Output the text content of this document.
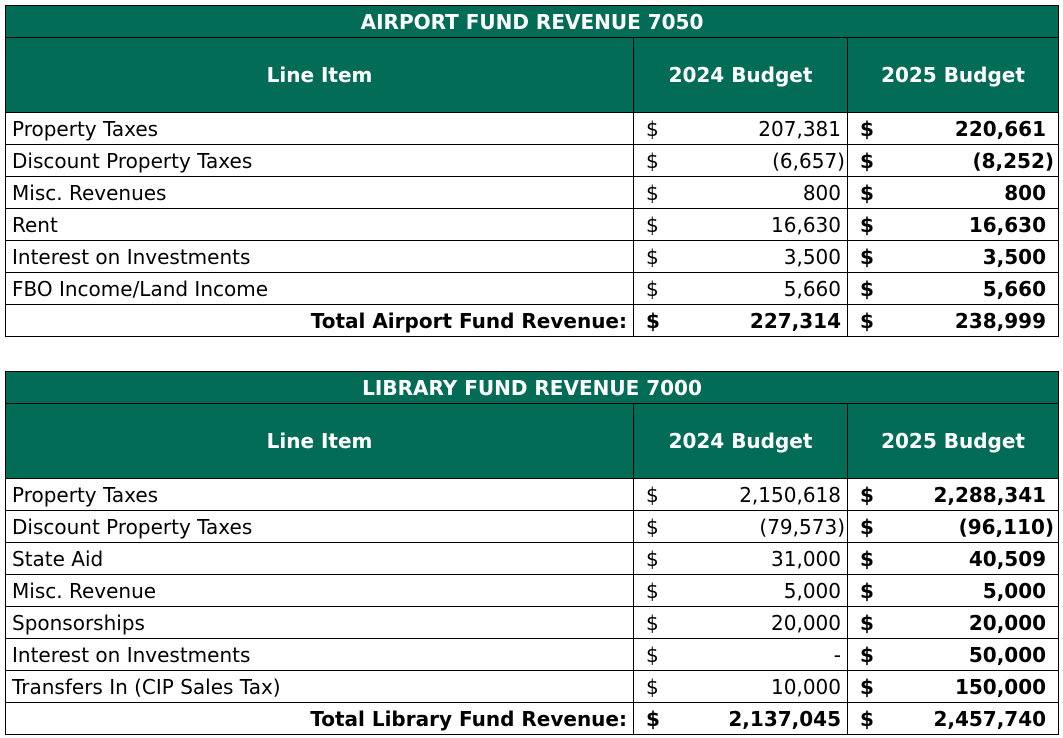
AIRPORT FUND REVENUE 7050				
Line Item	2024 Budget		2025 Budget	
Property Taxes	$	207,381	$	220,661
Discount Property Taxes	$	(6,657)	$	(8,252)
Misc. Revenues	$	800	$	800
Rent	$	16,630	$	16,630
Interest on Investments	$	3,500	$	3,500
FBO Income/Land Income	$	5,660	$	5,660
Total Airport Fund Revenue:	$	227,314	$	238,999
LIBRARY FUND REVENUE 7000				
Line Item	2024 Budget		2025 Budget	
Property Taxes	$	2,150,618	$	2,288,341
Discount Property Taxes	$	(79,573)	$	(96,110)
State Aid	$	31,000	$	40,509
Misc. Revenue	$	5,000	$	5,000
Sponsorships	$	20,000	$	20,000
Interest on Investments	$	-	$	50,000
Transfers In (CIP Sales Tax)	$	10,000	$	150,000
Total Library Fund Revenue:	$	2,137,045	$	2,457,740
